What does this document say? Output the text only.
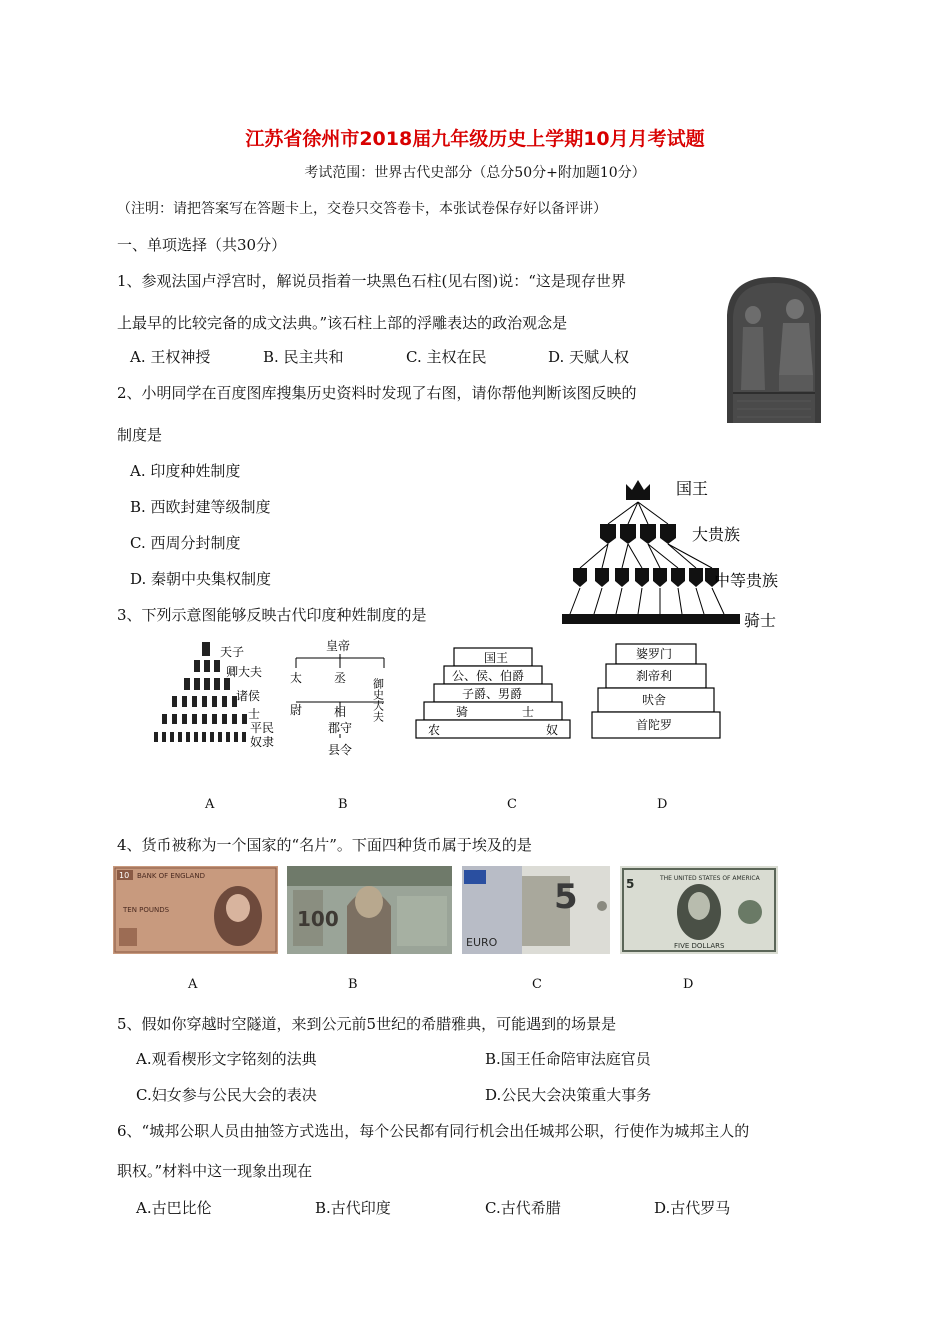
江苏省徐州市2018届九年级历史上学期10月月考试题
考试范围：世界古代史部分（总分50分+附加题10分）
（注明：请把答案写在答题卡上，交卷只交答卷卡，本张试卷保存好以备评讲）
一、单项选择（共30分）
1、参观法国卢浮宫时，解说员指着一块黑色石柱(见右图)说：“这是现存世界
上最早的比较完备的成文法典。”该石柱上部的浮雕表达的政治观念是
A. 王权神授	B. 民主共和	C. 主权在民	D. 天赋人权
2、小明同学在百度图库搜集历史资料时发现了右图，请你帮他判断该图反映的
制度是
A. 印度种姓制度
B. 西欧封建等级制度
C. 西周分封制度
D. 秦朝中央集权制度
国王
大贵族
中等贵族
骑士
3、下列示意图能够反映古代印度种姓制度的是
天子
卿大夫
诸侯
士
平民
奴隶
皇帝
太
尉
丞
相 御史大夫
郡守
县令
国王
公、侯、伯爵
子爵、男爵
骑	士
农	奴
婆罗门
刹帝利
吠舍
首陀罗
A	B	C	D
4、货币被称为一个国家的“名片”。下面四种货币属于埃及的是
10 BANK OF ENGLAND
TEN POUNDS	100
5
EURO
5	THE UNITED STATES OF AMERICA
FIVE DOLLARS
A	B	C	D
5、假如你穿越时空隧道，来到公元前5世纪的希腊雅典，可能遇到的场景是
A.观看楔形文字铭刻的法典	B.国王任命陪审法庭官员
C.妇女参与公民大会的表决	D.公民大会决策重大事务
6、“城邦公职人员由抽签方式选出，每个公民都有同行机会出任城邦公职，行使作为城邦主人的
职权。”材料中这一现象出现在
A.古巴比伦	B.古代印度	C.古代希腊	D.古代罗马
